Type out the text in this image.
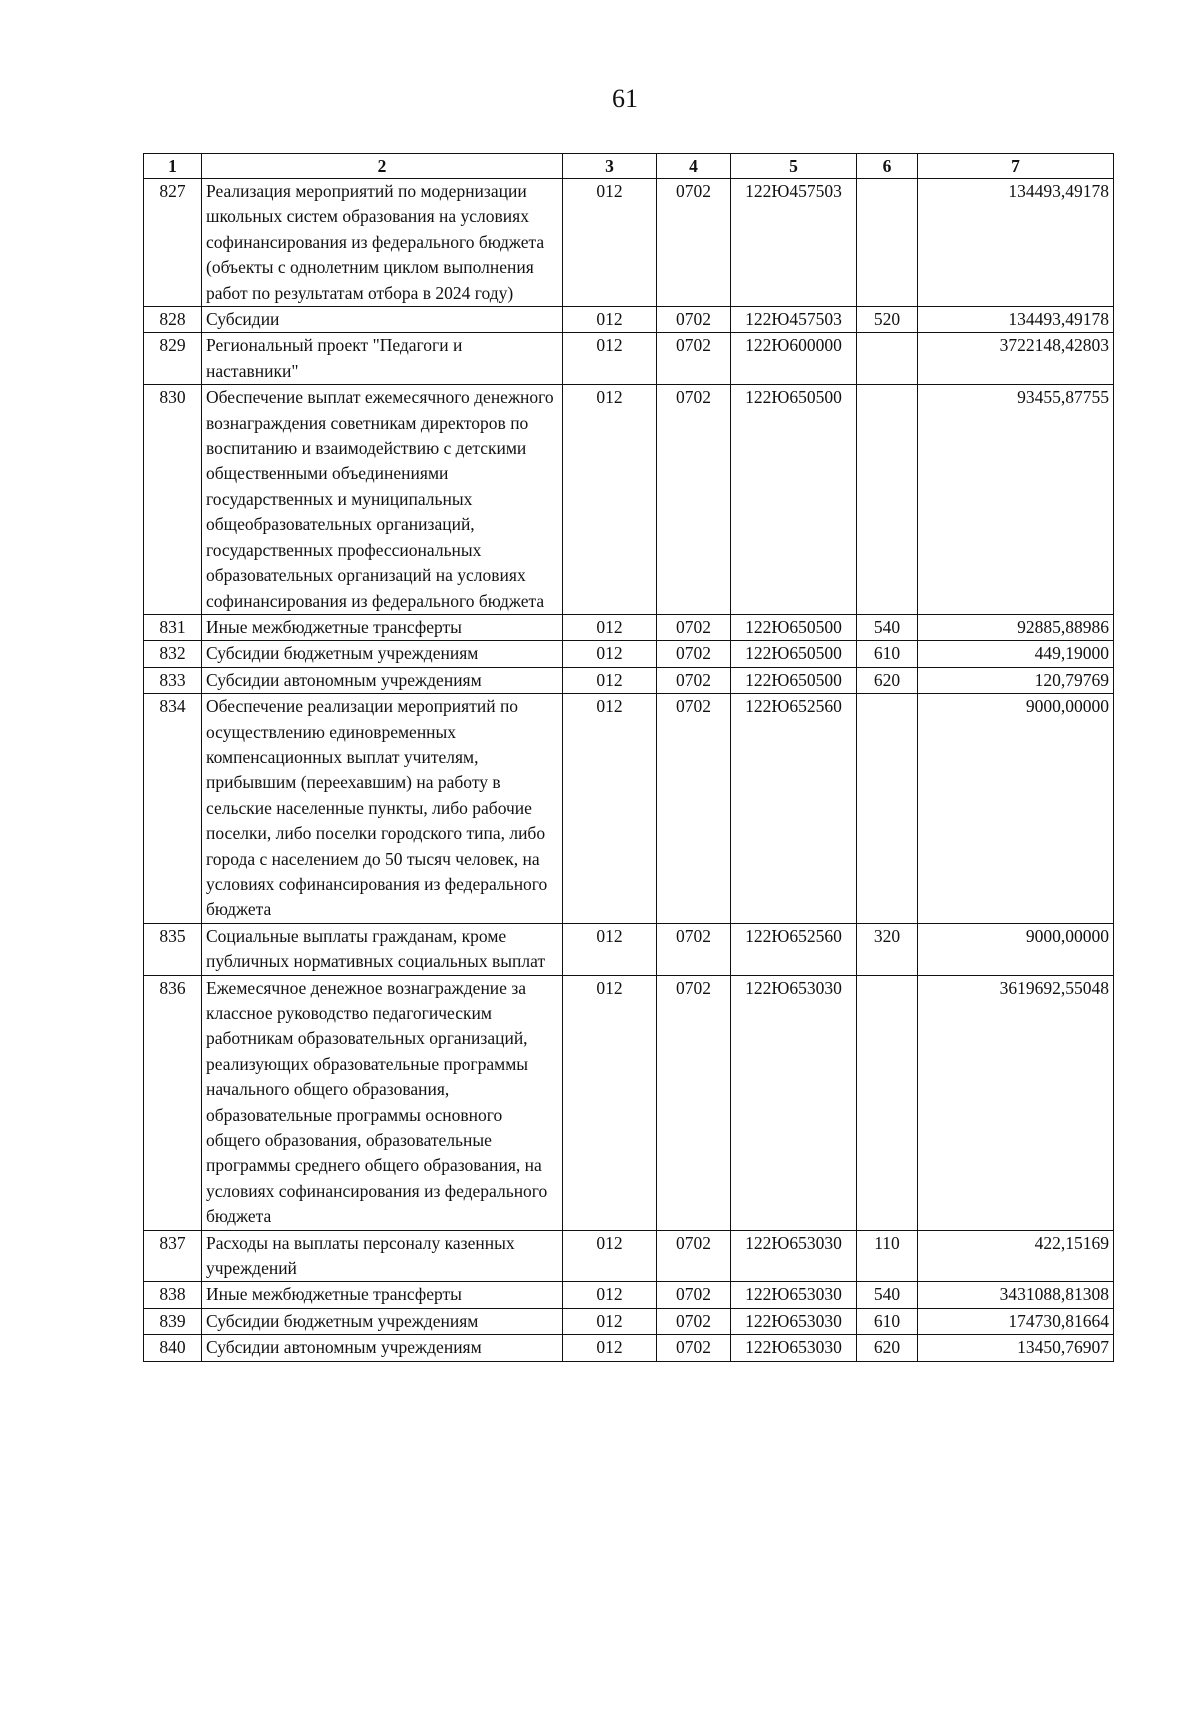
61
1	2	3	4	5	6	7
827	Реализация мероприятий по модернизации школьных систем образования на условиях софинансирования из федерального бюджета (объекты с однолетним циклом выполнения работ по результатам отбора в 2024 году)	012	0702	122Ю457503		134493,49178
828	Субсидии	012	0702	122Ю457503	520	134493,49178
829	Региональный проект "Педагоги и наставники"	012	0702	122Ю600000		3722148,42803
830	Обеспечение выплат ежемесячного денежного вознаграждения советникам директоров по воспитанию и взаимодействию с детскими общественными объединениями государственных и муниципальных общеобразовательных организаций, государственных профессиональных образовательных организаций на условиях софинансирования из федерального бюджета	012	0702	122Ю650500		93455,87755
831	Иные межбюджетные трансферты	012	0702	122Ю650500	540	92885,88986
832	Субсидии бюджетным учреждениям	012	0702	122Ю650500	610	449,19000
833	Субсидии автономным учреждениям	012	0702	122Ю650500	620	120,79769
834	Обеспечение реализации мероприятий по осуществлению единовременных компенсационных выплат учителям, прибывшим (переехавшим) на работу в сельские населенные пункты, либо рабочие поселки, либо поселки городского типа, либо города с населением до 50 тысяч человек, на условиях софинансирования из федерального бюджета	012	0702	122Ю652560		9000,00000
835	Социальные выплаты гражданам, кроме публичных нормативных социальных выплат	012	0702	122Ю652560	320	9000,00000
836	Ежемесячное денежное вознаграждение за классное руководство педагогическим работникам образовательных организаций, реализующих образовательные программы начального общего образования, образовательные программы основного общего образования, образовательные программы среднего общего образования, на условиях софинансирования из федерального бюджета	012	0702	122Ю653030		3619692,55048
837	Расходы на выплаты персоналу казенных учреждений	012	0702	122Ю653030	110	422,15169
838	Иные межбюджетные трансферты	012	0702	122Ю653030	540	3431088,81308
839	Субсидии бюджетным учреждениям	012	0702	122Ю653030	610	174730,81664
840	Субсидии автономным учреждениям	012	0702	122Ю653030	620	13450,76907
